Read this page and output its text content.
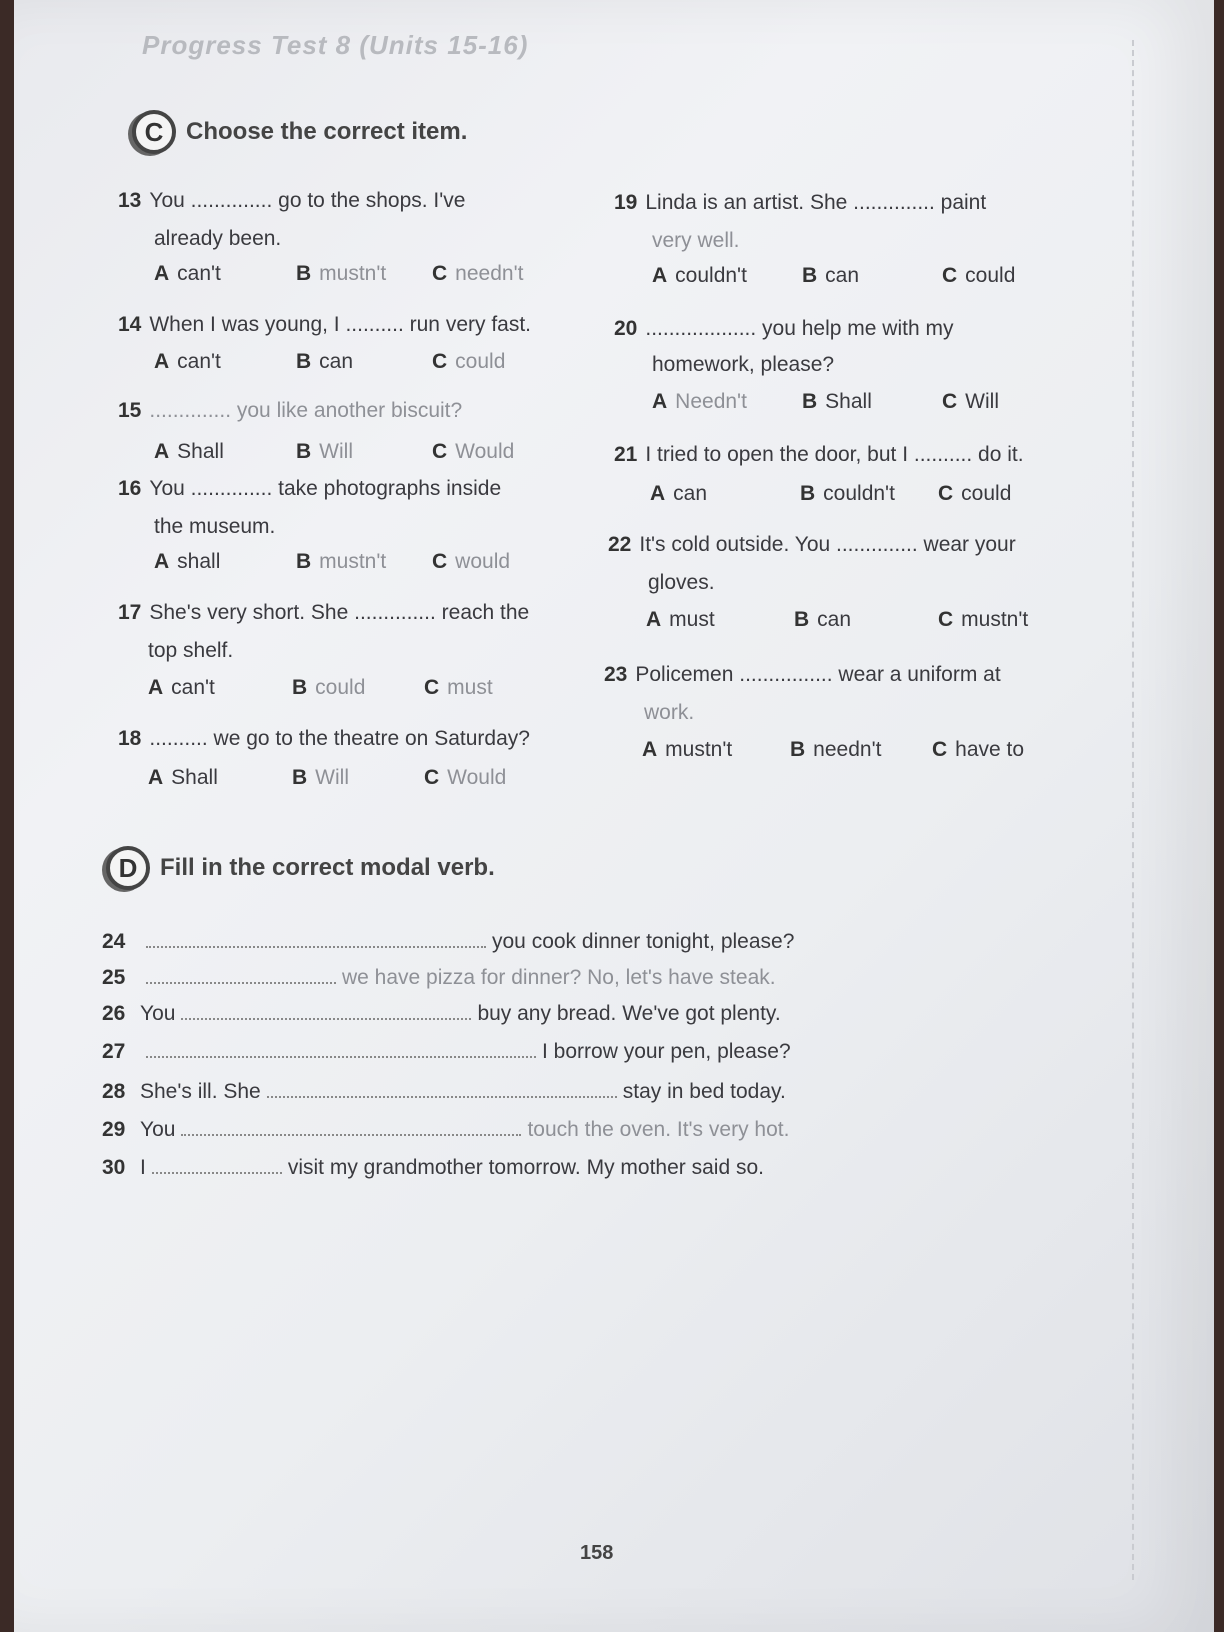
Progress Test 8 (Units 15-16)
C Choose the correct item.
13 You .............. go to the shops. I've
already been.
A can't	B mustn't C needn't
14 When I was young, I .......... run very fast.
A can't	B can	C could
15 .............. you like another biscuit?
A Shall	B Will	C Would
16 You .............. take photographs inside
the museum.
A shall	B mustn't C would
17 She's very short. She .............. reach the
top shelf.
A can't	B could	C must
18 .......... we go to the theatre on Saturday?
A Shall	B Will	C Would
19 Linda is an artist. She .............. paint
very well.
A couldn't	B can	C could
20 ................... you help me with my
homework, please?
A Needn't	B Shall	C Will
21 I tried to open the door, but I .......... do it.
A can	B couldn't C could
22 It's cold outside. You .............. wear your
gloves.
A must	B can	C mustn't
23 Policemen ................ wear a uniform at
work.
A mustn't	B needn't C have to
D Fill in the correct modal verb.
24	you cook dinner tonight, please?
25	we have pizza for dinner? No, let's have steak.
26 You	buy any bread. We've got plenty.
27	I borrow your pen, please?
28 She's ill. She	stay in bed today.
29 You	touch the oven. It's very hot.
30 I	visit my grandmother tomorrow. My mother said so.
158
